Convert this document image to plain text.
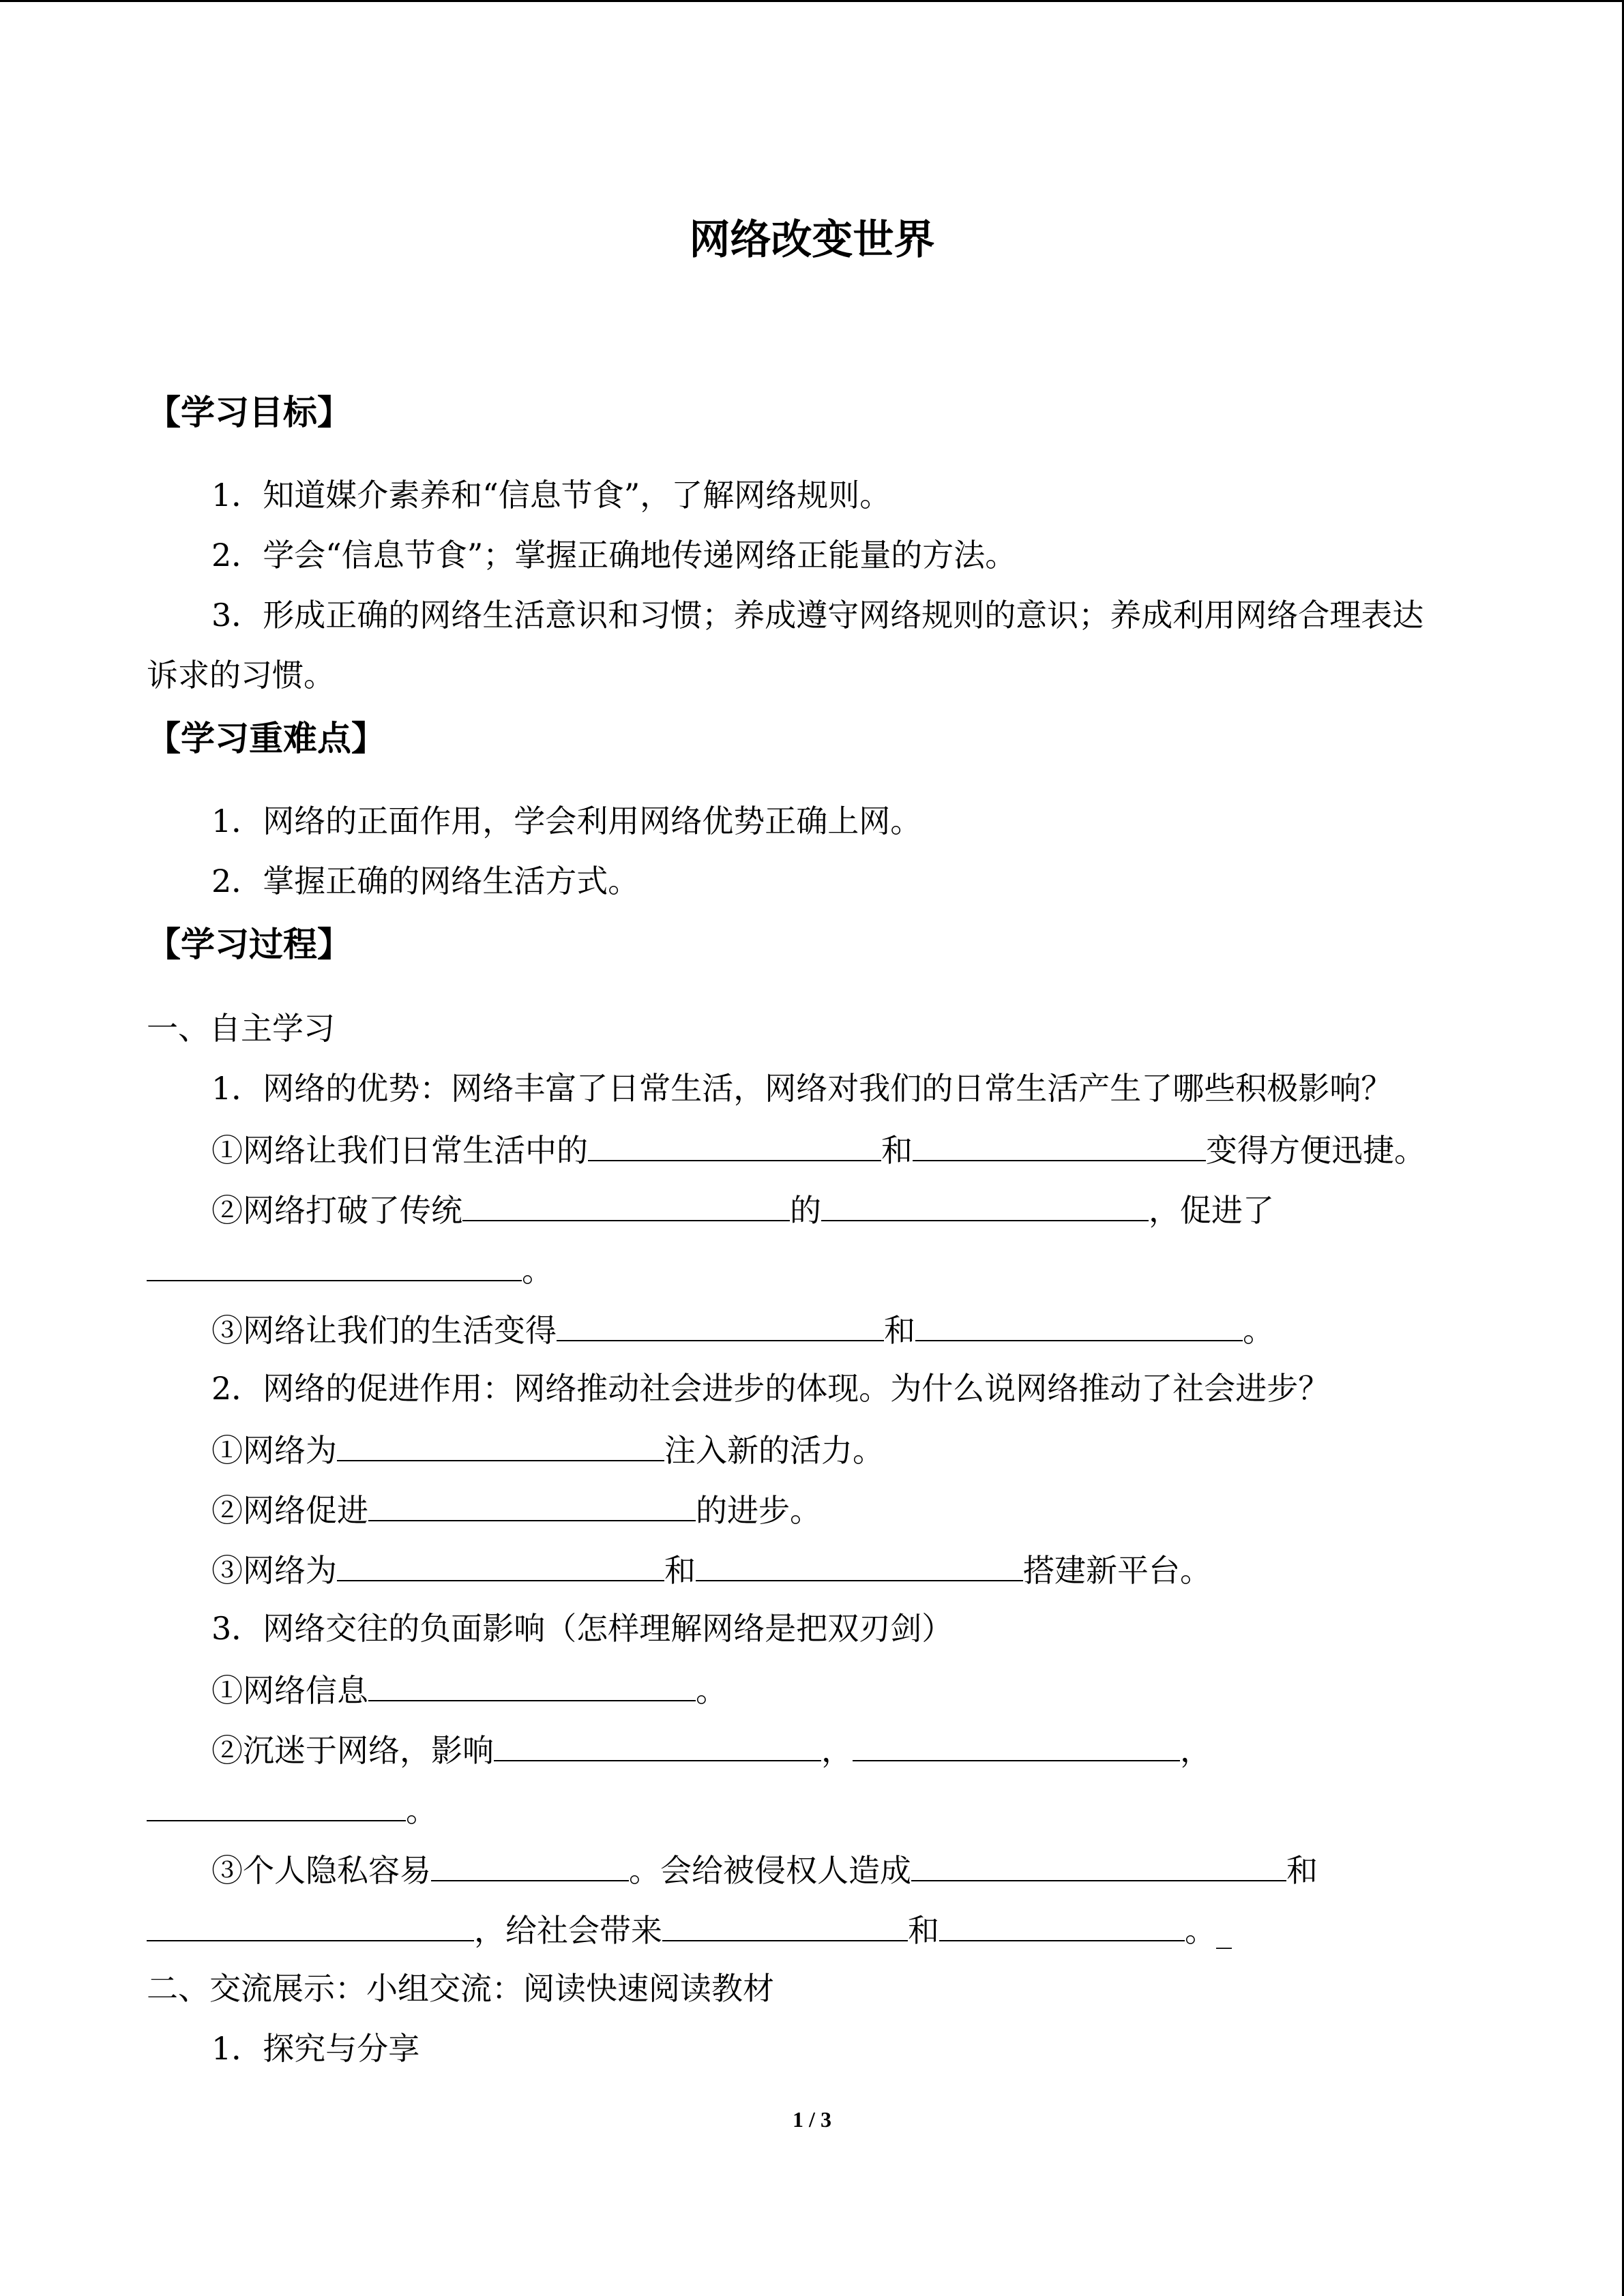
网络改变世界
【学习目标】
1．知道媒介素养和“信息节食”，了解网络规则。
2．学会“信息节食”；掌握正确地传递网络正能量的方法。
3．形成正确的网络生活意识和习惯；养成遵守网络规则的意识；养成利用网络合理表达
诉求的习惯。
【学习重难点】
1．网络的正面作用，学会利用网络优势正确上网。
2．掌握正确的网络生活方式。
【学习过程】
一、自主学习
1．网络的优势：网络丰富了日常生活，网络对我们的日常生活产生了哪些积极影响？
①网络让我们日常生活中的	和	变得方便迅捷。
②网络打破了传统	的	，促进了
。
③网络让我们的生活变得	和	。
2．网络的促进作用：网络推动社会进步的体现。为什么说网络推动了社会进步？
①网络为	注入新的活力。
②网络促进	的进步。
③网络为	和	搭建新平台。
3．网络交往的负面影响（怎样理解网络是把双刃剑）
①网络信息	。
②沉迷于网络，影响	，	，
。
③个人隐私容易	。会给被侵权人造成	和
，给社会带来	和	。_
二、交流展示：小组交流：阅读快速阅读教材
1．探究与分享
1 / 3
